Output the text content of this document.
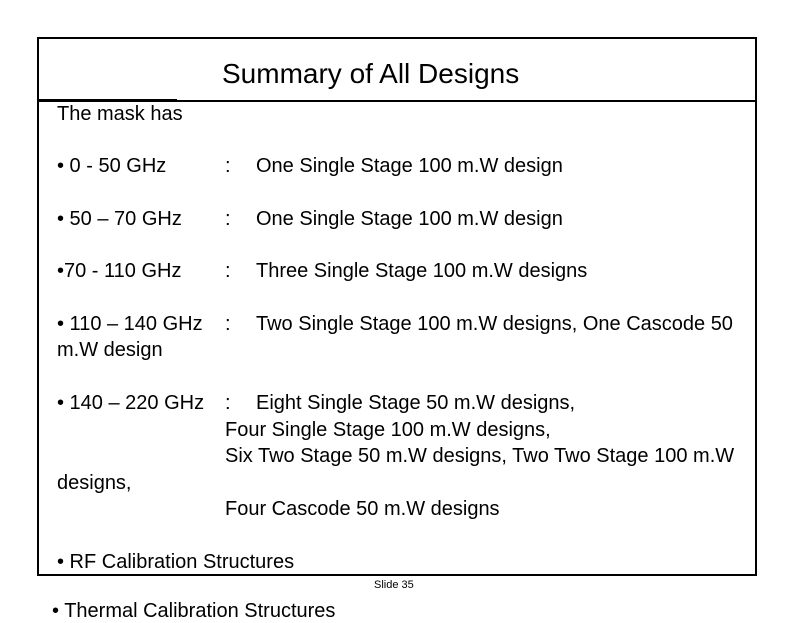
Summary of All Designs
The mask has
• 0 - 50 GHz	: One Single Stage 100 m.W design
• 50 – 70 GHz : One Single Stage 100 m.W design
•70 - 110 GHz : Three Single Stage 100 m.W designs
• 110 – 140 GHz : Two Single Stage 100 m.W designs, One Cascode 50
m.W design
• 140 – 220 GHz : Eight Single Stage 50 m.W designs,
Four Single Stage 100 m.W designs,
Six Two Stage 50 m.W designs, Two Two Stage 100 m.W
designs,
Four Cascode 50 m.W designs
• RF Calibration Structures
Slide 35
• Thermal Calibration Structures
